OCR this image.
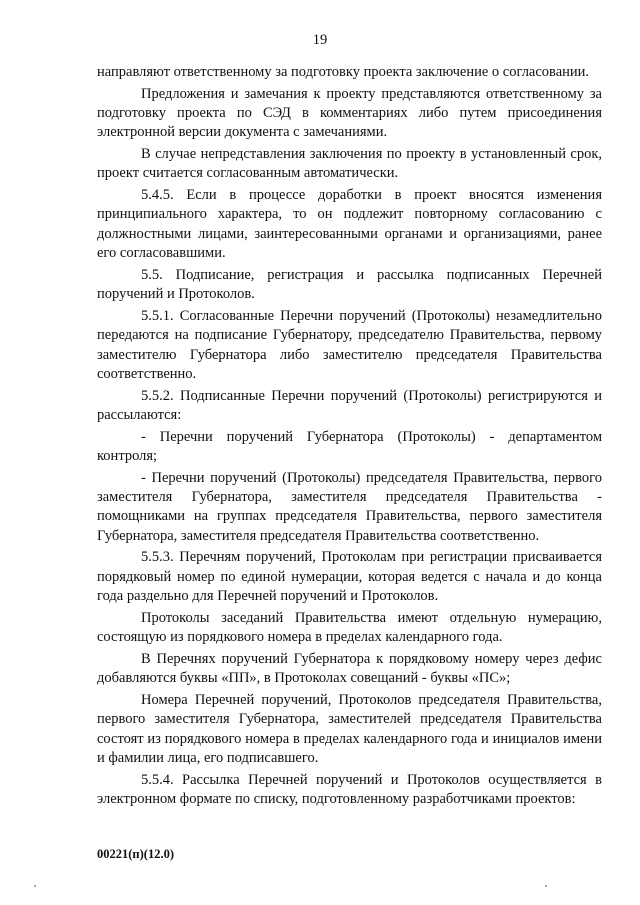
19

направляют ответственному за подготовку проекта заключение о согласовании.

Предложения и замечания к проекту представляются ответственному за подготовку проекта по СЭД в комментариях либо путем присоединения электронной версии документа с замечаниями.

В случае непредставления заключения по проекту в установленный срок, проект считается согласованным автоматически.

5.4.5. Если в процессе доработки в проект вносятся изменения принципиального характера, то он подлежит повторному согласованию с должностными лицами, заинтересованными органами и организациями, ранее его согласовавшими.

5.5. Подписание, регистрация и рассылка подписанных Перечней поручений и Протоколов.

5.5.1. Согласованные Перечни поручений (Протоколы) незамедлительно передаются на подписание Губернатору, председателю Правительства, первому заместителю Губернатора либо заместителю председателя Правительства соответственно.

5.5.2. Подписанные Перечни поручений (Протоколы) регистрируются и рассылаются:

- Перечни поручений Губернатора (Протоколы) - департаментом контроля;

- Перечни поручений (Протоколы) председателя Правительства, первого заместителя Губернатора, заместителя председателя Правительства - помощниками на группах председателя Правительства, первого заместителя Губернатора, заместителя председателя Правительства соответственно.

5.5.3. Перечням поручений, Протоколам при регистрации присваивается порядковый номер по единой нумерации, которая ведется с начала и до конца года раздельно для Перечней поручений и Протоколов.

Протоколы заседаний Правительства имеют отдельную нумерацию, состоящую из порядкового номера в пределах календарного года.

В Перечнях поручений Губернатора к порядковому номеру через дефис добавляются буквы «ПП», в Протоколах совещаний - буквы «ПС»;

Номера Перечней поручений, Протоколов председателя Правительства, первого заместителя Губернатора, заместителей председателя Правительства состоят из порядкового номера в пределах календарного года и инициалов имени и фамилии лица, его подписавшего.

5.5.4. Рассылка Перечней поручений и Протоколов осуществляется в электронном формате по списку, подготовленному разработчиками проектов:

00221(п)(12.0)
